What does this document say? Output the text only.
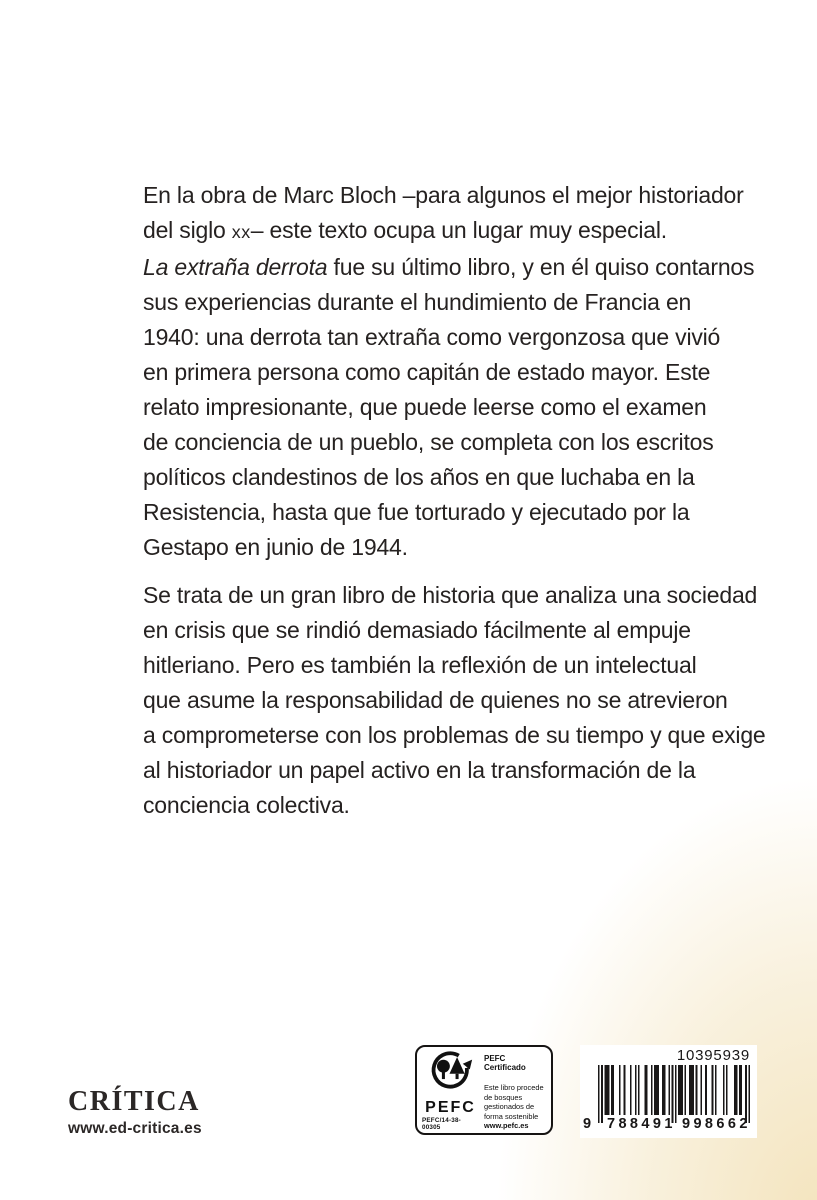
En la obra de Marc Bloch –para algunos el mejor historiador
del siglo xx– este texto ocupa un lugar muy especial.
La extraña derrota fue su último libro, y en él quiso contarnos
sus experiencias durante el hundimiento de Francia en
1940: una derrota tan extraña como vergonzosa que vivió
en primera persona como capitán de estado mayor. Este
relato impresionante, que puede leerse como el examen
de conciencia de un pueblo, se completa con los escritos
políticos clandestinos de los años en que luchaba en la
Resistencia, hasta que fue torturado y ejecutado por la
Gestapo en junio de 1944.
Se trata de un gran libro de historia que analiza una sociedad
en crisis que se rindió demasiado fácilmente al empuje
hitleriano. Pero es también la reflexión de un intelectual
que asume la responsabilidad de quienes no se atrevieron
a comprometerse con los problemas de su tiempo y que exige
al historiador un papel activo en la transformación de la
conciencia colectiva.
CRÍTICA
www.ed-critica.es
PEFC
PEFC/14-38-00305
PEFC Certificado
Este libro procede de bosques gestionados de forma sostenible
www.pefc.es
10395939
9 788491 998662
